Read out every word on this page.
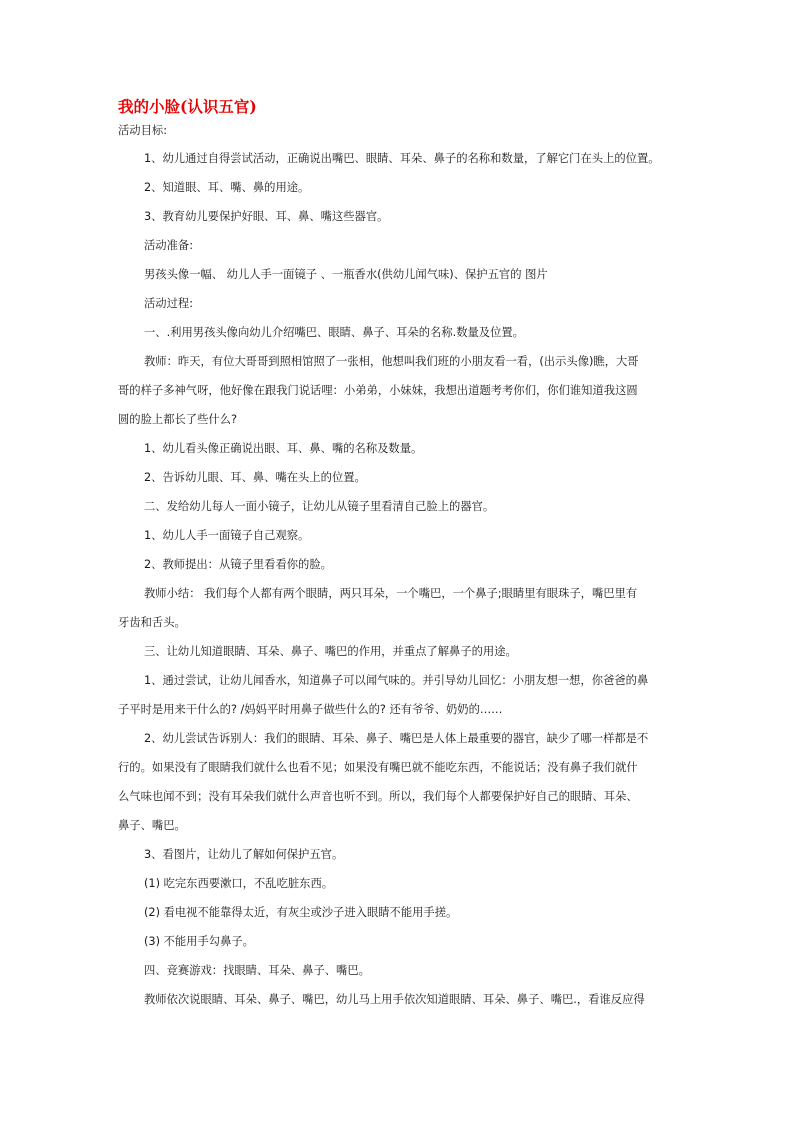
我的小脸(认识五官)

活动目标:

1、幼儿通过自得尝试活动，正确说出嘴巴、眼睛、耳朵、鼻子的名称和数量，了解它门在头上的位置。

2、知道眼、耳、嘴、鼻的用途。

3、教育幼儿要保护好眼、耳、鼻、嘴这些器官。

活动准备:

男孩头像一幅、 幼儿人手一面镜子 、一瓶香水(供幼儿闻气味)、保护五官的 图片

活动过程:

一、.利用男孩头像向幼儿介绍嘴巴、眼睛、鼻子、耳朵的名称.数量及位置。

教师：昨天，有位大哥哥到照相馆照了一张相，他想叫我们班的小朋友看一看，(出示头像)瞧，大哥

哥的样子多神气呀，他好像在跟我门说话哩：小弟弟，小妹妹，我想出道题考考你们，你们谁知道我这圆

圆的脸上都长了些什么?

1、幼儿看头像正确说出眼、耳、鼻、嘴的名称及数量。

2、告诉幼儿眼、耳、鼻、嘴在头上的位置。

二、发给幼儿每人一面小镜子，让幼儿从镜子里看清自己脸上的器官。

1、幼儿人手一面镜子自己观察。

2、教师提出：从镜子里看看你的脸。

教师小结： 我们每个人都有两个眼睛，两只耳朵，一个嘴巴，一个鼻子;眼睛里有眼珠子，嘴巴里有

牙齿和舌头。

三、让幼儿知道眼睛、耳朵、鼻子、嘴巴的作用，并重点了解鼻子的用途。

1、通过尝试，让幼儿闻香水，知道鼻子可以闻气味的。并引导幼儿回忆：小朋友想一想，你爸爸的鼻

子平时是用来干什么的? /妈妈平时用鼻子做些什么的? 还有爷爷、奶奶的……

2、幼儿尝试告诉别人：我们的眼睛、耳朵、鼻子、嘴巴是人体上最重要的器官，缺少了哪一样都是不

行的。如果没有了眼睛我们就什么也看不见；如果没有嘴巴就不能吃东西，不能说话；没有鼻子我们就什

么气味也闻不到；没有耳朵我们就什么声音也听不到。所以，我们每个人都要保护好自己的眼睛、耳朵、

鼻子、嘴巴。

3、看图片，让幼儿了解如何保护五官。

(1) 吃完东西要漱口，不乱吃脏东西。

(2) 看电视不能靠得太近，有灰尘或沙子进入眼睛不能用手搓。

(3) 不能用手勾鼻子。

四、竞赛游戏：找眼睛、耳朵、鼻子、嘴巴。

教师依次说眼睛、耳朵、鼻子、嘴巴，幼儿马上用手依次知道眼睛、耳朵、鼻子、嘴巴.，看谁反应得
